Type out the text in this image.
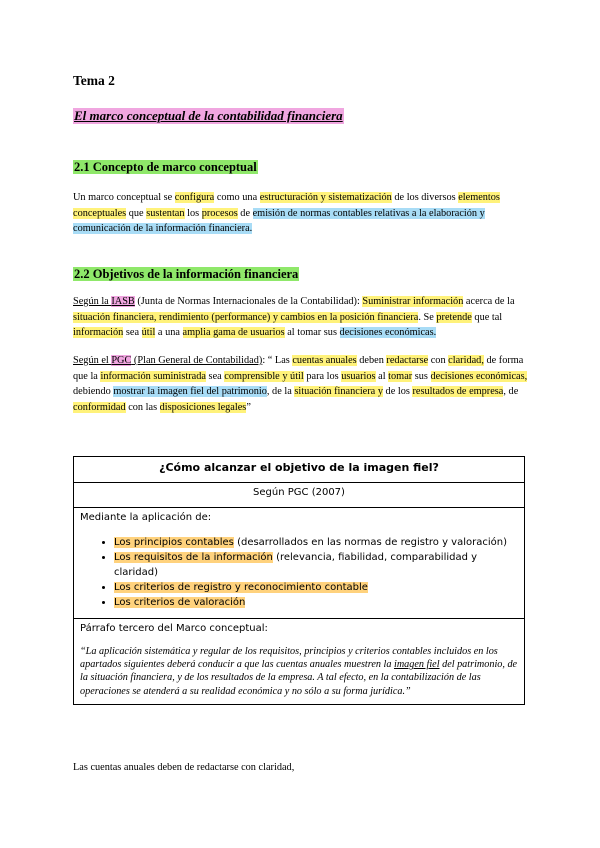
Tema 2
El marco conceptual de la contabilidad financiera
2.1 Concepto de marco conceptual
Un marco conceptual se configura como una estructuración y sistematización de los diversos elementos conceptuales que sustentan los procesos de emisión de normas contables relativas a la elaboración y comunicación de la información financiera.
2.2 Objetivos de la información financiera
Según la IASB (Junta de Normas Internacionales de la Contabilidad): Suministrar información acerca de la situación financiera, rendimiento (performance) y cambios en la posición financiera. Se pretende que tal información sea útil a una amplia gama de usuarios al tomar sus decisiones económicas.
Según el PGC (Plan General de Contabilidad): “ Las cuentas anuales deben redactarse con claridad, de forma que la información suministrada sea comprensible y útil para los usuarios al tomar sus decisiones económicas, debiendo mostrar la imagen fiel del patrimonio, de la situación financiera y de los resultados de empresa, de conformidad con las disposiciones legales”
¿Cómo alcanzar el objetivo de la imagen fiel?
Según PGC (2007)

Mediante la aplicación de:
• Los principios contables (desarrollados en las normas de registro y valoración)
• Los requisitos de la información (relevancia, fiabilidad, comparabilidad y claridad)
• Los criterios de registro y reconocimiento contable
• Los criterios de valoración

Párrafo tercero del Marco conceptual:
“La aplicación sistemática y regular de los requisitos, principios y criterios contables incluidos en los apartados siguientes deberá conducir a que las cuentas anuales muestren la imagen fiel del patrimonio, de la situación financiera, y de los resultados de la empresa. A tal efecto, en la contabilización de las operaciones se atenderá a su realidad económica y no sólo a su forma jurídica.”
Las cuentas anuales deben de redactarse con claridad,
